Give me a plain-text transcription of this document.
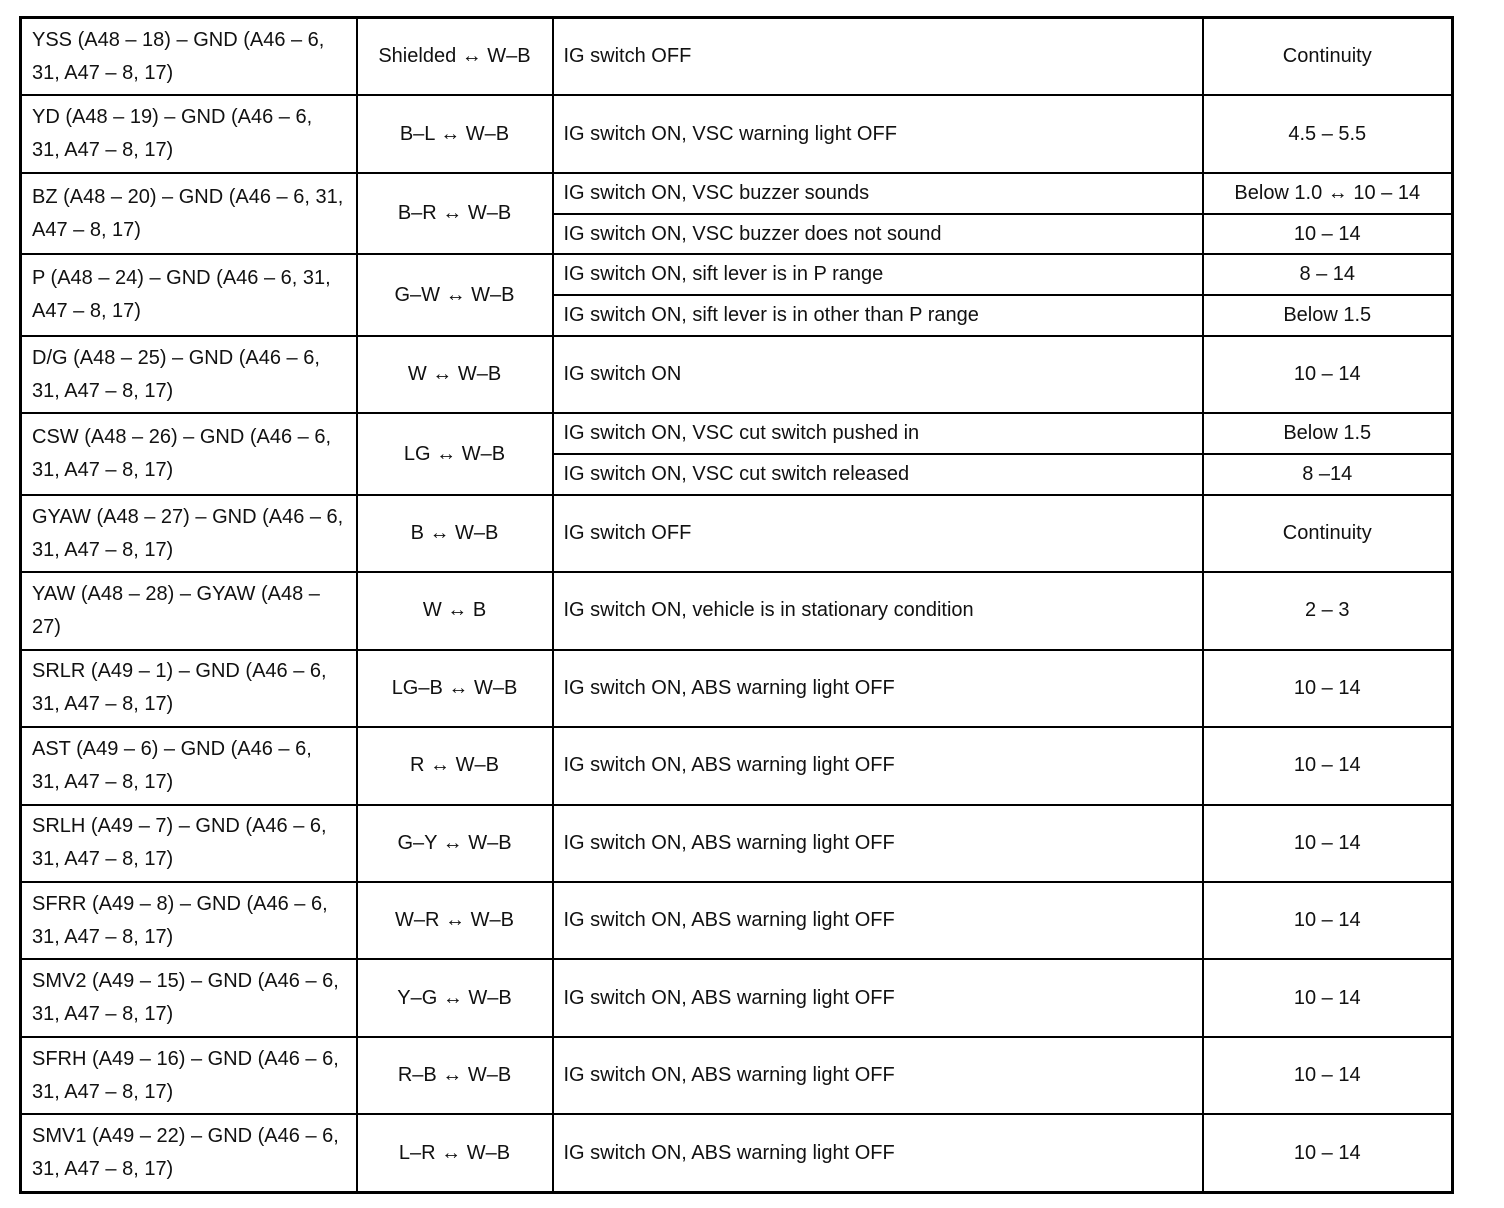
YSS (A48 – 18) – GND (A46 – 6, 31, A47 – 8, 17)	Shielded ↔ W–B	IG switch OFF	Continuity
YD (A48 – 19) – GND (A46 – 6, 31, A47 – 8, 17)	B–L ↔ W–B	IG switch ON, VSC warning light OFF	4.5 – 5.5
BZ (A48 – 20) – GND (A46 – 6, 31, A47 – 8, 17)	B–R ↔ W–B	IG switch ON, VSC buzzer sounds	Below 1.0 ↔ 10 – 14
		IG switch ON, VSC buzzer does not sound	10 – 14
P (A48 – 24) – GND (A46 – 6, 31, A47 – 8, 17)	G–W ↔ W–B	IG switch ON, sift lever is in P range	8 – 14
		IG switch ON, sift lever is in other than P range	Below 1.5
D/G (A48 – 25) – GND (A46 – 6, 31, A47 – 8, 17)	W ↔ W–B	IG switch ON	10 – 14
CSW (A48 – 26) – GND (A46 – 6, 31, A47 – 8, 17)	LG ↔ W–B	IG switch ON, VSC cut switch pushed in	Below 1.5
		IG switch ON, VSC cut switch released	8 –14
GYAW (A48 – 27) – GND (A46 – 6, 31, A47 – 8, 17)	B ↔ W–B	IG switch OFF	Continuity
YAW (A48 – 28) – GYAW (A48 – 27)	W ↔ B	IG switch ON, vehicle is in stationary condition	2 – 3
SRLR (A49 – 1) – GND (A46 – 6, 31, A47 – 8, 17)	LG–B ↔ W–B	IG switch ON, ABS warning light OFF	10 – 14
AST (A49 – 6) – GND (A46 – 6, 31, A47 – 8, 17)	R ↔ W–B	IG switch ON, ABS warning light OFF	10 – 14
SRLH (A49 – 7) – GND (A46 – 6, 31, A47 – 8, 17)	G–Y ↔ W–B	IG switch ON, ABS warning light OFF	10 – 14
SFRR (A49 – 8) – GND (A46 – 6, 31, A47 – 8, 17)	W–R ↔ W–B	IG switch ON, ABS warning light OFF	10 – 14
SMV2 (A49 – 15) – GND (A46 – 6, 31, A47 – 8, 17)	Y–G ↔ W–B	IG switch ON, ABS warning light OFF	10 – 14
SFRH (A49 – 16) – GND (A46 – 6, 31, A47 – 8, 17)	R–B ↔ W–B	IG switch ON, ABS warning light OFF	10 – 14
SMV1 (A49 – 22) – GND (A46 – 6, 31, A47 – 8, 17)	L–R ↔ W–B	IG switch ON, ABS warning light OFF	10 – 14
